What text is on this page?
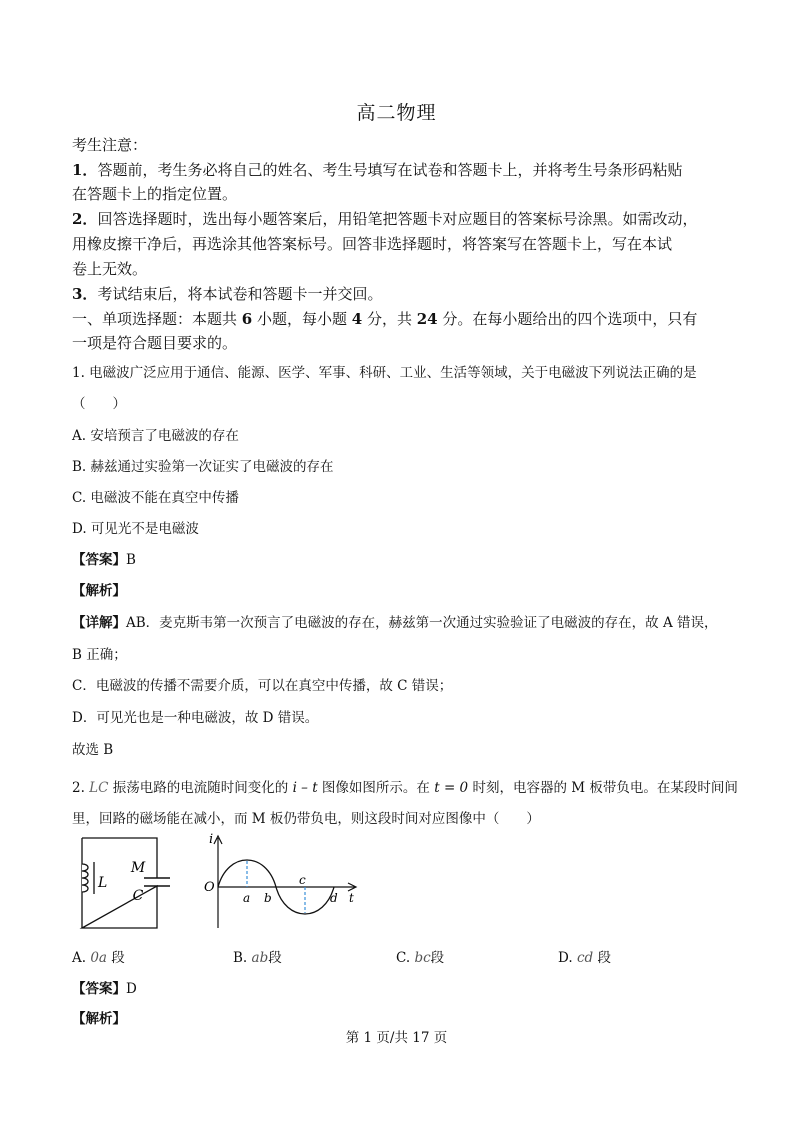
高二物理
考生注意：
1．答题前，考生务必将自己的姓名、考生号填写在试卷和答题卡上，并将考生号条形码粘贴
在答题卡上的指定位置。
2．回答选择题时，选出每小题答案后，用铅笔把答题卡对应题目的答案标号涂黑。如需改动，
用橡皮擦干净后，再选涂其他答案标号。回答非选择题时，将答案写在答题卡上，写在本试
卷上无效。
3．考试结束后，将本试卷和答题卡一并交回。
一、单项选择题：本题共 6 小题，每小题 4 分，共 24 分。在每小题给出的四个选项中，只有
一项是符合题目要求的。
1. 电磁波广泛应用于通信、能源、医学、军事、科研、工业、生活等领域，关于电磁波下列说法正确的是
（　　）
A. 安培预言了电磁波的存在
B. 赫兹通过实验第一次证实了电磁波的存在
C. 电磁波不能在真空中传播
D. 可见光不是电磁波
【答案】B
【解析】
【详解】AB．麦克斯韦第一次预言了电磁波的存在，赫兹第一次通过实验验证了电磁波的存在，故 A 错误，
B 正确；
C．电磁波的传播不需要介质，可以在真空中传播，故 C 错误；
D．可见光也是一种电磁波，故 D 错误。
故选 B
2. LC 振荡电路的电流随时间变化的 i – t 图像如图所示。在 t = 0 时刻，电容器的 M 板带负电。在某段时间间
里，回路的磁场能在减小，而 M 板仍带负电，则这段时间对应图像中（　　）
L
M
C
i
O
a b
c
d t
A. 0a 段	B. ab段	C. bc段	D. cd 段
【答案】D
【解析】
第 1 页/共 17 页
